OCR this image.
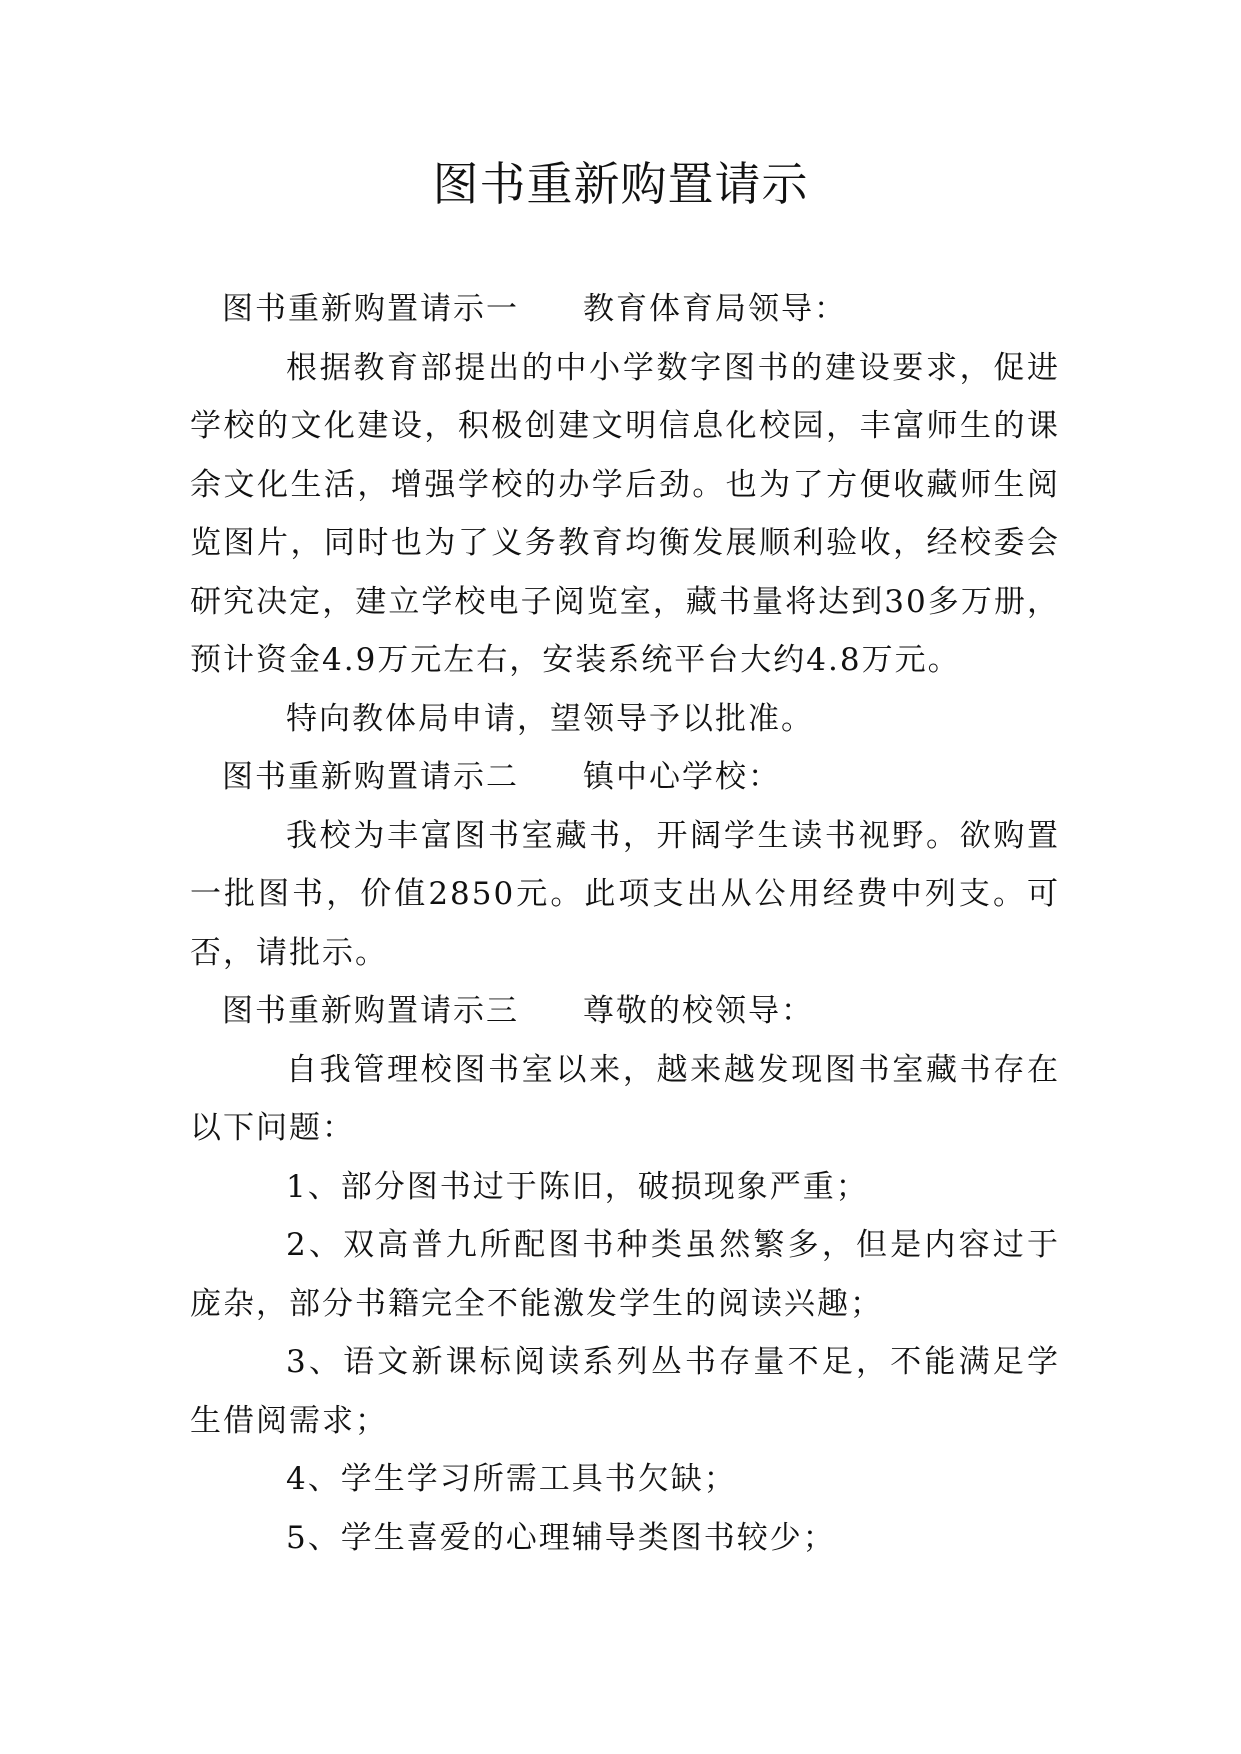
图书重新购置请示

图书重新购置请示一 教育体育局领导：

根据教育部提出的中小学数字图书的建设要求，促进学校的文化建设，积极创建文明信息化校园，丰富师生的课余文化生活，增强学校的办学后劲。也为了方便收藏师生阅览图片，同时也为了义务教育均衡发展顺利验收，经校委会研究决定，建立学校电子阅览室，藏书量将达到30多万册，预计资金4.9万元左右，安装系统平台大约4.8万元。

特向教体局申请，望领导予以批准。

图书重新购置请示二 镇中心学校：

我校为丰富图书室藏书，开阔学生读书视野。欲购置一批图书，价值2850元。此项支出从公用经费中列支。可否，请批示。

图书重新购置请示三 尊敬的校领导：

自我管理校图书室以来，越来越发现图书室藏书存在以下问题：

1、部分图书过于陈旧，破损现象严重；

2、双高普九所配图书种类虽然繁多，但是内容过于庞杂，部分书籍完全不能激发学生的阅读兴趣；

3、语文新课标阅读系列丛书存量不足，不能满足学生借阅需求；

4、学生学习所需工具书欠缺；

5、学生喜爱的心理辅导类图书较少；
